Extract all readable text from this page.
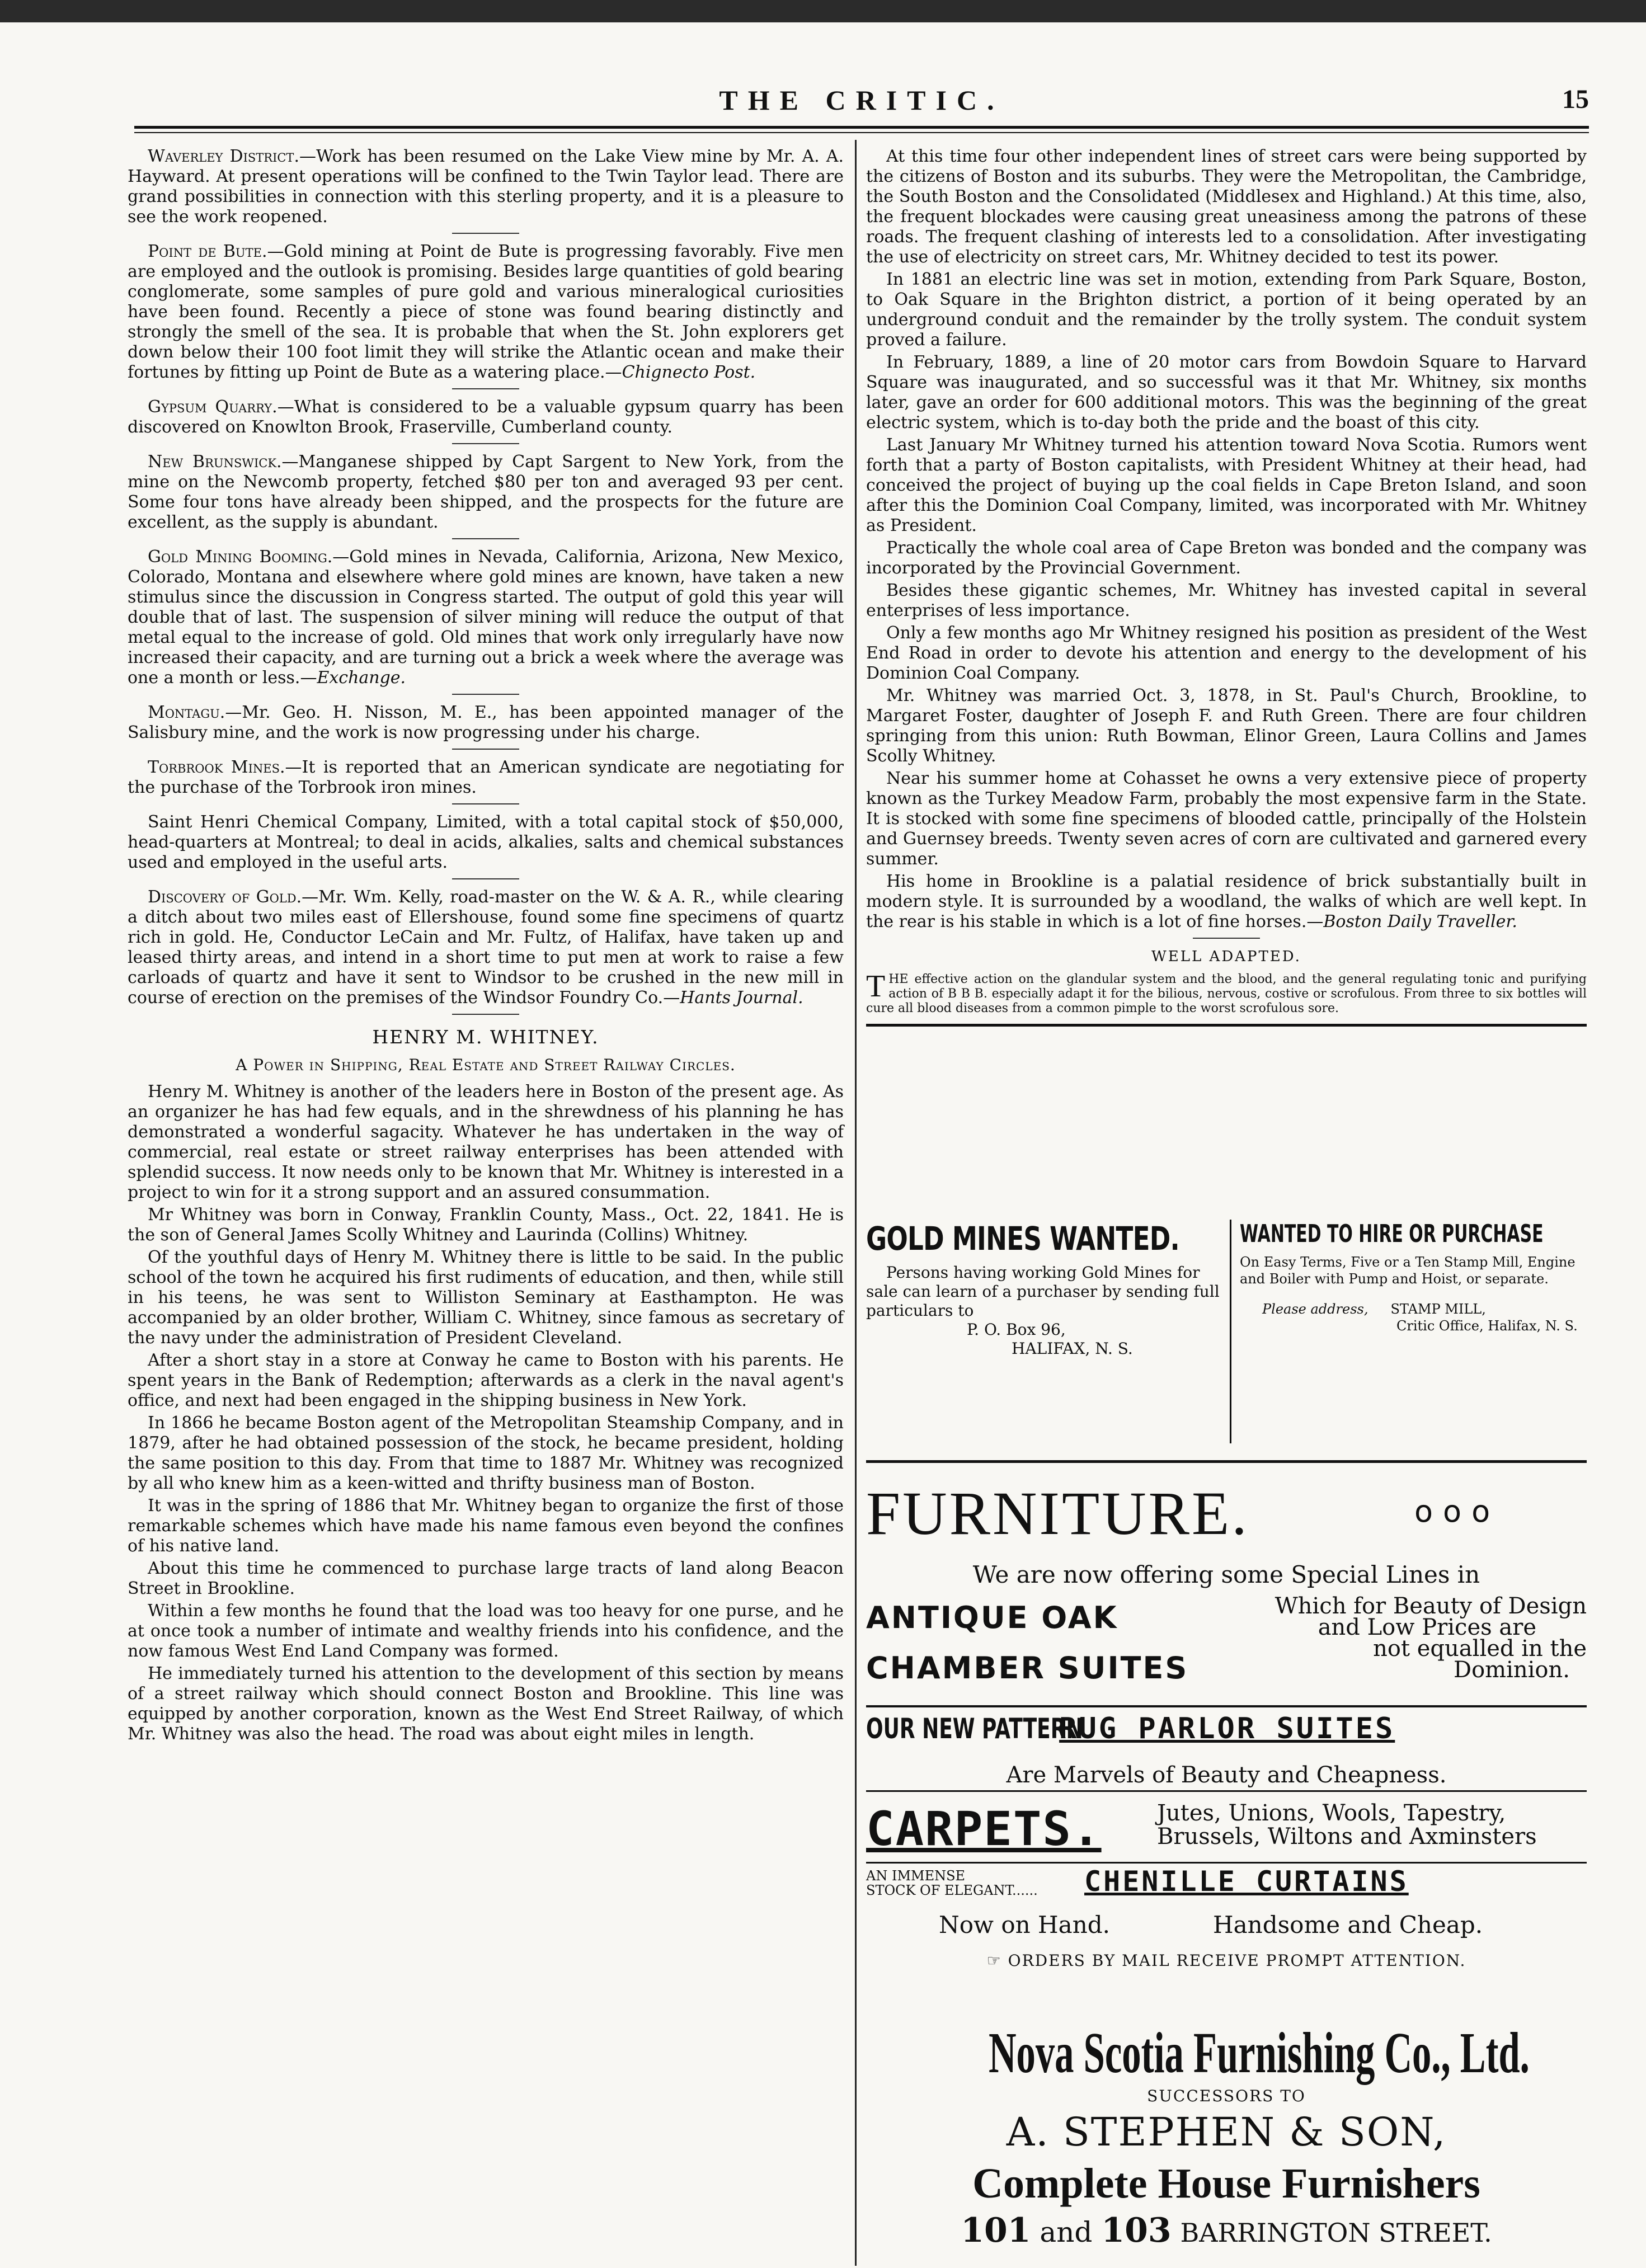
THE CRITIC.	15

Waverley District.—Work has been resumed on the Lake View mine by Mr. A. A. Hayward. At present operations will be confined to the Twin Taylor lead. There are grand possibilities in connection with this sterling property, and it is a pleasure to see the work reopened.

Point de Bute.—Gold mining at Point de Bute is progressing favorably. Five men are employed and the outlook is promising. Besides large quantities of gold bearing conglomerate, some samples of pure gold and various mineralogical curiosities have been found. Recently a piece of stone was found bearing distinctly and strongly the smell of the sea. It is probable that when the St. John explorers get down below their 100 foot limit they will strike the Atlantic ocean and make their fortunes by fitting up Point de Bute as a watering place.—Chignecto Post.

Gypsum Quarry.—What is considered to be a valuable gypsum quarry has been discovered on Knowlton Brook, Fraserville, Cumberland county.

New Brunswick.—Manganese shipped by Capt Sargent to New York, from the mine on the Newcomb property, fetched $80 per ton and averaged 93 per cent. Some four tons have already been shipped, and the prospects for the future are excellent, as the supply is abundant.

Gold Mining Booming.—Gold mines in Nevada, California, Arizona, New Mexico, Colorado, Montana and elsewhere where gold mines are known, have taken a new stimulus since the discussion in Congress started. The output of gold this year will double that of last. The suspension of silver mining will reduce the output of that metal equal to the increase of gold. Old mines that work only irregularly have now increased their capacity, and are turning out a brick a week where the average was one a month or less.—Exchange.

Montagu.—Mr. Geo. H. Nisson, M. E., has been appointed manager of the Salisbury mine, and the work is now progressing under his charge.

Torbrook Mines.—It is reported that an American syndicate are negotiating for the purchase of the Torbrook iron mines.

Saint Henri Chemical Company, Limited, with a total capital stock of $50,000, head-quarters at Montreal; to deal in acids, alkalies, salts and chemical substances used and employed in the useful arts.

Discovery of Gold.—Mr. Wm. Kelly, road-master on the W. & A. R., while clearing a ditch about two miles east of Ellershouse, found some fine specimens of quartz rich in gold. He, Conductor LeCain and Mr. Fultz, of Halifax, have taken up and leased thirty areas, and intend in a short time to put men at work to raise a few carloads of quartz and have it sent to Windsor to be crushed in the new mill in course of erection on the premises of the Windsor Foundry Co.—Hants Journal.

HENRY M. WHITNEY.
A Power in Shipping, Real Estate and Street Railway Circles.

Henry M. Whitney is another of the leaders here in Boston of the present age. As an organizer he has had few equals, and in the shrewdness of his planning he has demonstrated a wonderful sagacity. Whatever he has undertaken in the way of commercial, real estate or street railway enterprises has been attended with splendid success. It now needs only to be known that Mr. Whitney is interested in a project to win for it a strong support and an assured consummation.

Mr Whitney was born in Conway, Franklin County, Mass., Oct. 22, 1841. He is the son of General James Scolly Whitney and Laurinda (Collins) Whitney.

Of the youthful days of Henry M. Whitney there is little to be said. In the public school of the town he acquired his first rudiments of education, and then, while still in his teens, he was sent to Williston Seminary at Easthampton. He was accompanied by an older brother, William C. Whitney, since famous as secretary of the navy under the administration of President Cleveland.

After a short stay in a store at Conway he came to Boston with his parents. He spent years in the Bank of Redemption; afterwards as a clerk in the naval agent's office, and next had been engaged in the shipping business in New York.

In 1866 he became Boston agent of the Metropolitan Steamship Company, and in 1879, after he had obtained possession of the stock, he became president, holding the same position to this day. From that time to 1887 Mr. Whitney was recognized by all who knew him as a keen-witted and thrifty business man of Boston.

It was in the spring of 1886 that Mr. Whitney began to organize the first of those remarkable schemes which have made his name famous even beyond the confines of his native land.

About this time he commenced to purchase large tracts of land along Beacon Street in Brookline.

Within a few months he found that the load was too heavy for one purse, and he at once took a number of intimate and wealthy friends into his confidence, and the now famous West End Land Company was formed.

He immediately turned his attention to the development of this section by means of a street railway which should connect Boston and Brookline. This line was equipped by another corporation, known as the West End Street Railway, of which Mr. Whitney was also the head. The road was about eight miles in length.

At this time four other independent lines of street cars were being supported by the citizens of Boston and its suburbs. They were the Metropolitan, the Cambridge, the South Boston and the Consolidated (Middlesex and Highland.) At this time, also, the frequent blockades were causing great uneasiness among the patrons of these roads. The frequent clashing of interests led to a consolidation. After investigating the use of electricity on street cars, Mr. Whitney decided to test its power.

In 1881 an electric line was set in motion, extending from Park Square, Boston, to Oak Square in the Brighton district, a portion of it being operated by an underground conduit and the remainder by the trolly system. The conduit system proved a failure.

In February, 1889, a line of 20 motor cars from Bowdoin Square to Harvard Square was inaugurated, and so successful was it that Mr. Whitney, six months later, gave an order for 600 additional motors. This was the beginning of the great electric system, which is to-day both the pride and the boast of this city.

Last January Mr Whitney turned his attention toward Nova Scotia. Rumors went forth that a party of Boston capitalists, with President Whitney at their head, had conceived the project of buying up the coal fields in Cape Breton Island, and soon after this the Dominion Coal Company, limited, was incorporated with Mr. Whitney as President.

Practically the whole coal area of Cape Breton was bonded and the company was incorporated by the Provincial Government.

Besides these gigantic schemes, Mr. Whitney has invested capital in several enterprises of less importance.

Only a few months ago Mr Whitney resigned his position as president of the West End Road in order to devote his attention and energy to the development of his Dominion Coal Company.

Mr. Whitney was married Oct. 3, 1878, in St. Paul's Church, Brookline, to Margaret Foster, daughter of Joseph F. and Ruth Green. There are four children springing from this union: Ruth Bowman, Elinor Green, Laura Collins and James Scolly Whitney.

Near his summer home at Cohasset he owns a very extensive piece of property known as the Turkey Meadow Farm, probably the most expensive farm in the State. It is stocked with some fine specimens of blooded cattle, principally of the Holstein and Guernsey breeds. Twenty seven acres of corn are cultivated and garnered every summer.

His home in Brookline is a palatial residence of brick substantially built in modern style. It is surrounded by a woodland, the walks of which are well kept. In the rear is his stable in which is a lot of fine horses.—Boston Daily Traveller.

WELL ADAPTED.

THE effective action on the glandular system and the blood, and the general regulating tonic and purifying action of B B B. especially adapt it for the bilious, nervous, costive or scrofulous. From three to six bottles will cure all blood diseases from a common pimple to the worst scrofulous sore.

GOLD MINES WANTED.
Persons having working Gold Mines for sale can learn of a purchaser by sending full particulars to
P. O. Box 96,
HALIFAX, N. S.
WANTED TO HIRE OR PURCHASE
On Easy Terms, Five or a Ten Stamp Mill, Engine and Boiler with Pump and Hoist, or separate.
Please address, STAMP MILL,
Critic Office, Halifax, N. S.
FURNITURE.	ooo
We are now offering some Special Lines in
ANTIQUE OAK
CHAMBER SUITES
Which for Beauty of Design
and Low Prices are
not equalled in the
Dominion.
OUR NEW PATTERN RUG PARLOR SUITES
Are Marvels of Beauty and Cheapness.
CARPETS. Jutes, Unions, Wools, Tapestry,
Brussels, Wiltons and Axminsters
AN IMMENSE
STOCK OF ELEGANT...... CHENILLE CURTAINS
Now on Hand.	Handsome and Cheap.
☞ ORDERS BY MAIL RECEIVE PROMPT ATTENTION.
Nova Scotia Furnishing Co., Ltd.
SUCCESSORS TO
A. STEPHEN & SON,
Complete House Furnishers
101 and 103 BARRINGTON STREET.
